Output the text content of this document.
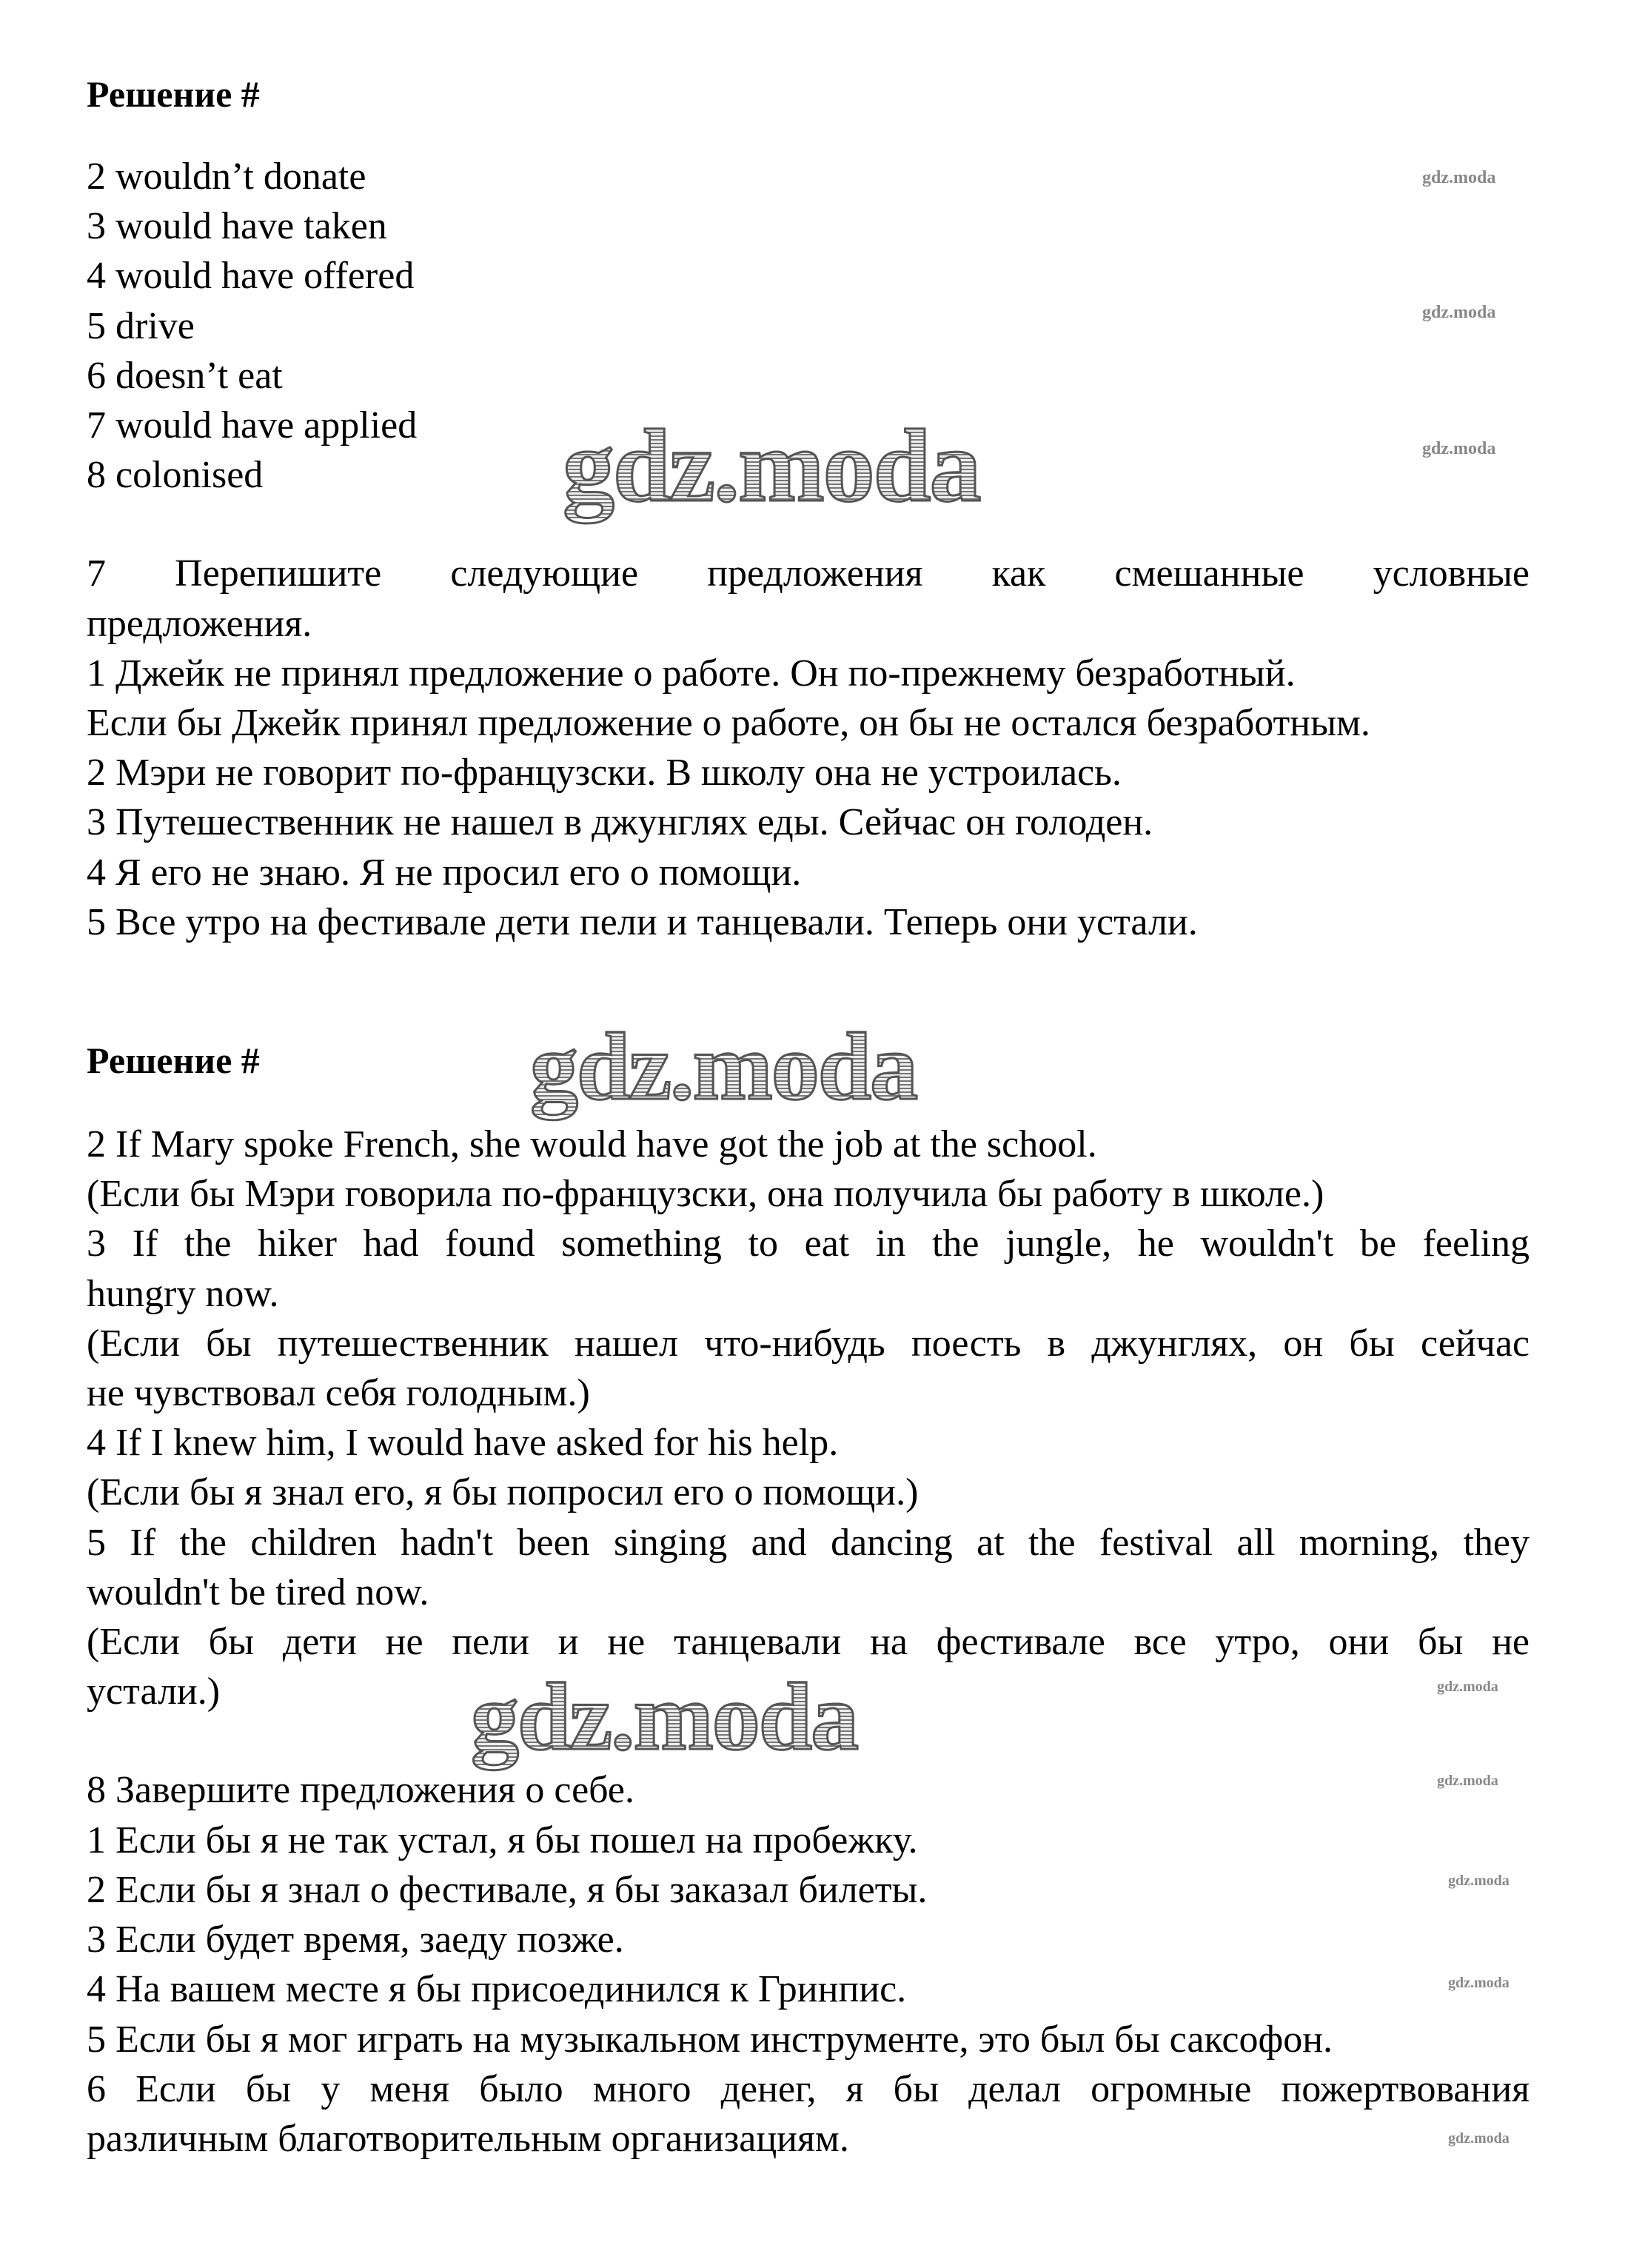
Решение #
2 wouldn’t donate
3 would have taken
4 would have offered
5 drive
6 doesn’t eat
7 would have applied
8 colonised
7 Перепишите следующие предложения как смешанные условные
предложения.
1 Джейк не принял предложение о работе. Он по-прежнему безработный.
Если бы Джейк принял предложение о работе, он бы не остался безработным.
2 Мэри не говорит по-французски. В школу она не устроилась.
3 Путешественник не нашел в джунглях еды. Сейчас он голоден.
4 Я его не знаю. Я не просил его о помощи.
5 Все утро на фестивале дети пели и танцевали. Теперь они устали.
Решение #
2 If Mary spoke French, she would have got the job at the school.
(Если бы Мэри говорила по-французски, она получила бы работу в школе.)
3 If the hiker had found something to eat in the jungle, he wouldn't be feeling
hungry now.
(Если бы путешественник нашел что-нибудь поесть в джунглях, он бы сейчас
не чувствовал себя голодным.)
4 If I knew him, I would have asked for his help.
(Если бы я знал его, я бы попросил его о помощи.)
5 If the children hadn't been singing and dancing at the festival all morning, they
wouldn't be tired now.
(Если бы дети не пели и не танцевали на фестивале все утро, они бы не
устали.)
8 Завершите предложения о себе.
1 Если бы я не так устал, я бы пошел на пробежку.
2 Если бы я знал о фестивале, я бы заказал билеты.
3 Если будет время, заеду позже.
4 На вашем месте я бы присоединился к Гринпис.
5 Если бы я мог играть на музыкальном инструменте, это был бы саксофон.
6 Если бы у меня было много денег, я бы делал огромные пожертвования
различным благотворительным организациям.
gdz.moda
gdz.moda
gdz.moda
gdz.moda
gdz.moda
gdz.moda
gdz.moda
gdz.moda
gdz.moda
gdz.moda
gdz.moda
